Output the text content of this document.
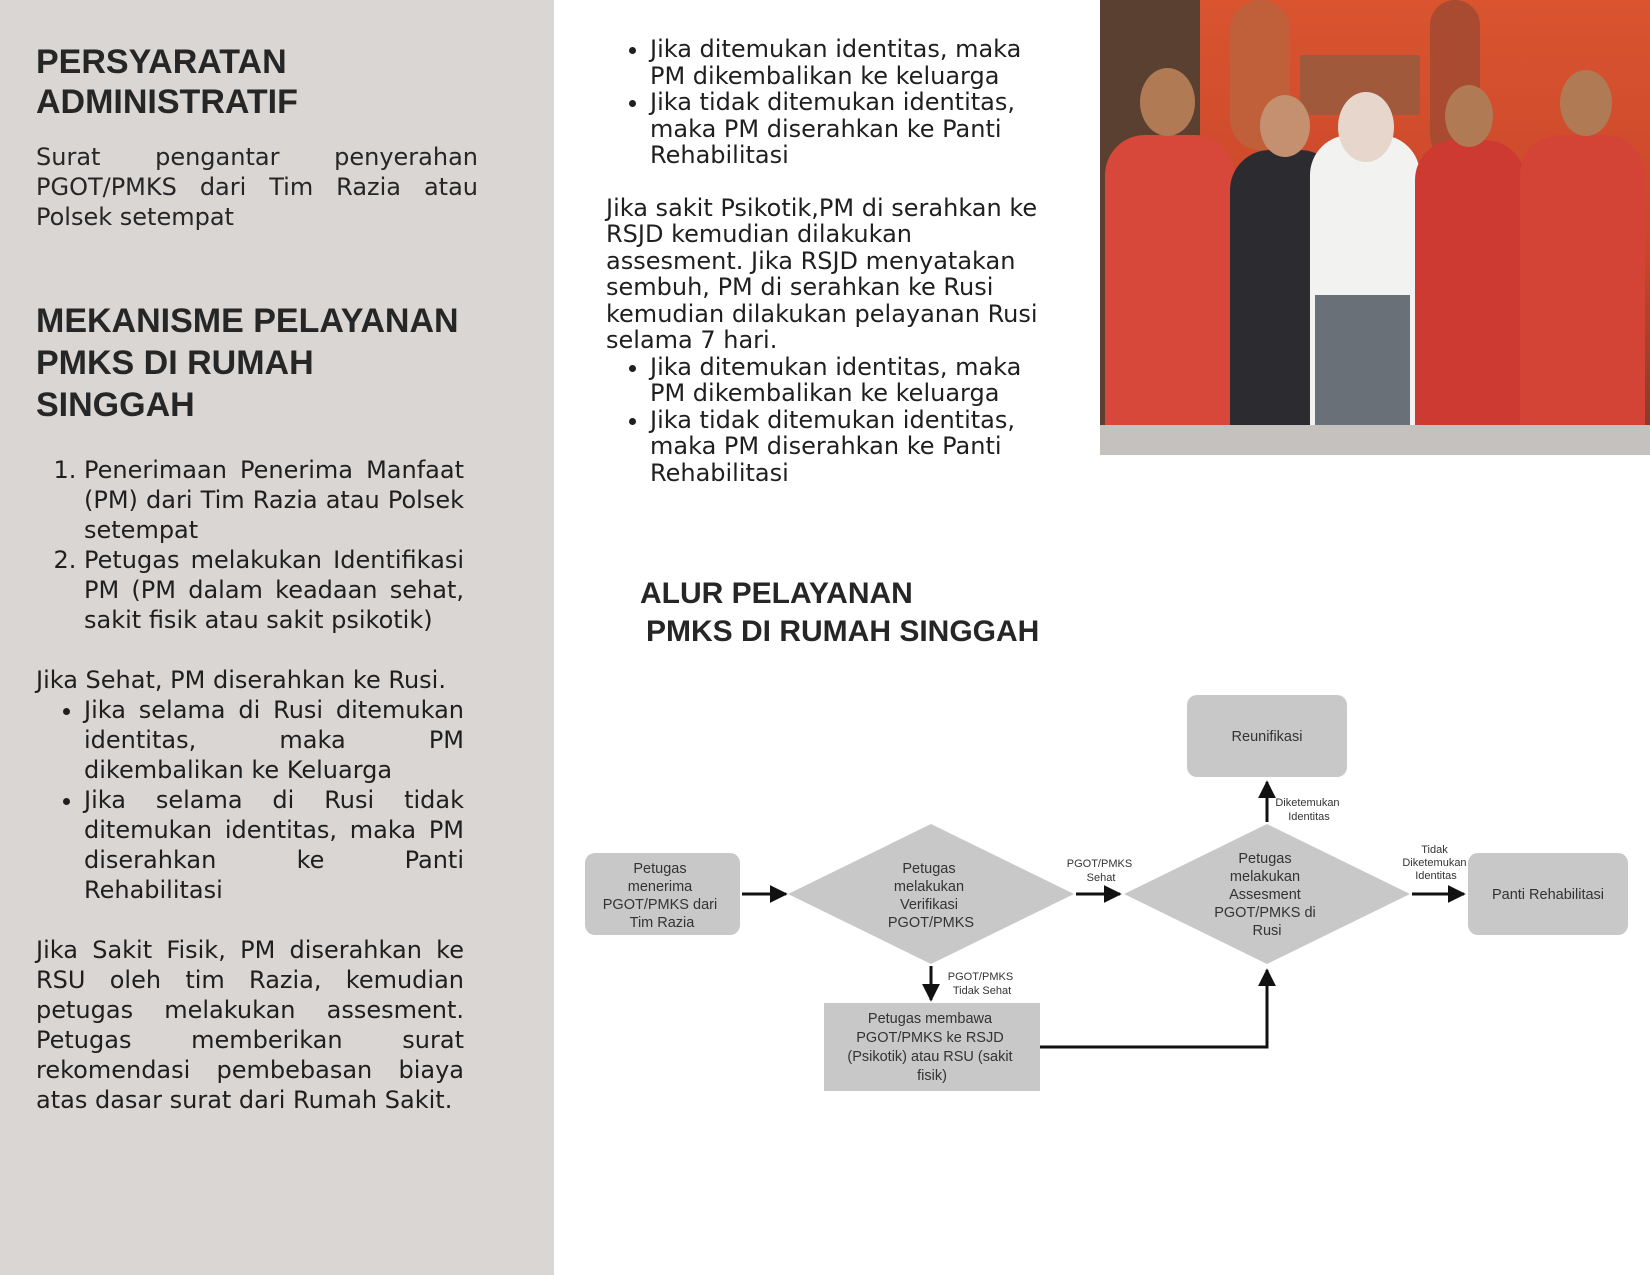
PERSYARATAN
ADMINISTRATIF

Surat pengantar penyerahan PGOT/PMKS dari Tim Razia atau Polsek setempat

MEKANISME PELAYANAN
PMKS DI RUMAH
SINGGAH
1. Penerimaan Penerima Manfaat (PM) dari Tim Razia atau Polsek setempat
2. Petugas melakukan Identifikasi PM (PM dalam keadaan sehat, sakit fisik atau sakit psikotik)

Jika Sehat, PM diserahkan ke Rusi.

• Jika selama di Rusi ditemukan identitas, maka PM dikembalikan ke Keluarga
• Jika selama di Rusi tidak ditemukan identitas, maka PM diserahkan ke Panti Rehabilitasi

Jika Sakit Fisik, PM diserahkan ke RSU oleh tim Razia, kemudian petugas melakukan assesment. Petugas memberikan surat rekomendasi pembebasan biaya atas dasar surat dari Rumah Sakit.

• Jika ditemukan identitas, maka PM dikembalikan ke keluarga
• Jika tidak ditemukan identitas, maka PM diserahkan ke Panti Rehabilitasi

Jika sakit Psikotik,PM di serahkan ke RSJD kemudian dilakukan assesment. Jika RSJD menyatakan sembuh, PM di serahkan ke Rusi kemudian dilakukan pelayanan Rusi selama 7 hari.

• Jika ditemukan identitas, maka PM dikembalikan ke keluarga
• Jika tidak ditemukan identitas, maka PM diserahkan ke Panti Rehabilitasi
ALUR PELAYANAN
PMKS DI RUMAH SINGGAH
Petugas menerima PGOT/PMKS dari Tim Razia
Petugas melakukan Verifikasi PGOT/PMKS
PGOT/PMKS Sehat
Petugas melakukan Assesment PGOT/PMKS di Rusi
Diketemukan Identitas
Reunifikasi
Tidak Diketemukan Identitas
Panti Rehabilitasi
PGOT/PMKS Tidak Sehat
Petugas membawa PGOT/PMKS ke RSJD (Psikotik) atau RSU (sakit fisik)
